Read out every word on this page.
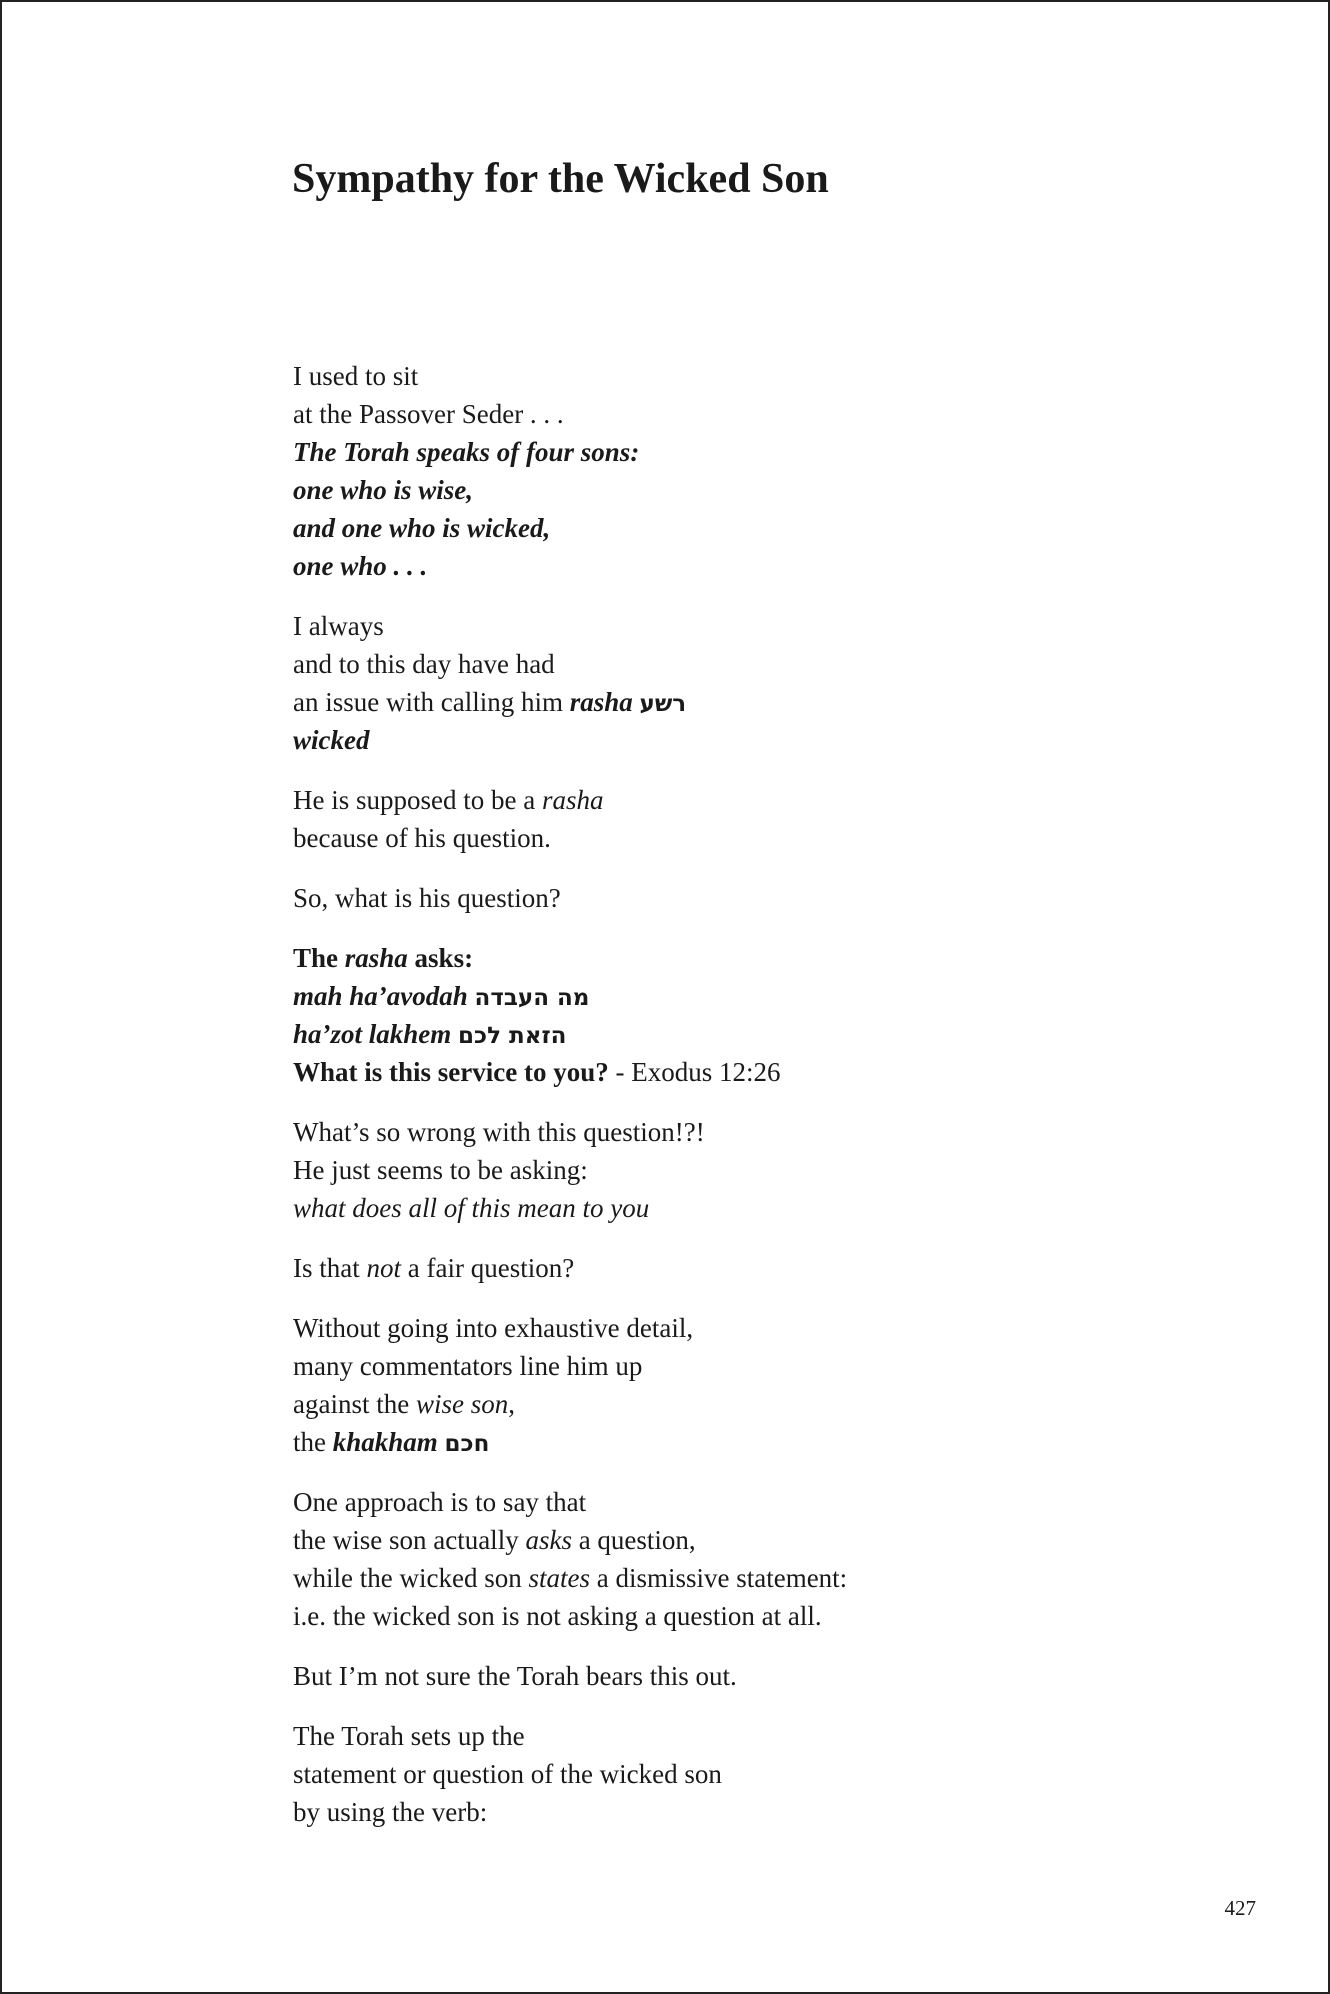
Sympathy for the Wicked Son
I used to sit
at the Passover Seder . . .
The Torah speaks of four sons:
one who is wise,
and one who is wicked,
one who . . .
I always
and to this day have had
an issue with calling him rasha רשע
wicked
He is supposed to be a rasha
because of his question.
So, what is his question?
The rasha asks:
mah ha’avodah מה העבדה
ha’zot lakhem הזאת לכם
What is this service to you? - Exodus 12:26
What’s so wrong with this question!?!
He just seems to be asking:
what does all of this mean to you
Is that not a fair question?
Without going into exhaustive detail,
many commentators line him up
against the wise son,
the khakham חכם
One approach is to say that
the wise son actually asks a question,
while the wicked son states a dismissive statement:
i.e. the wicked son is not asking a question at all.
But I’m not sure the Torah bears this out.
The Torah sets up the
statement or question of the wicked son
by using the verb:
427
